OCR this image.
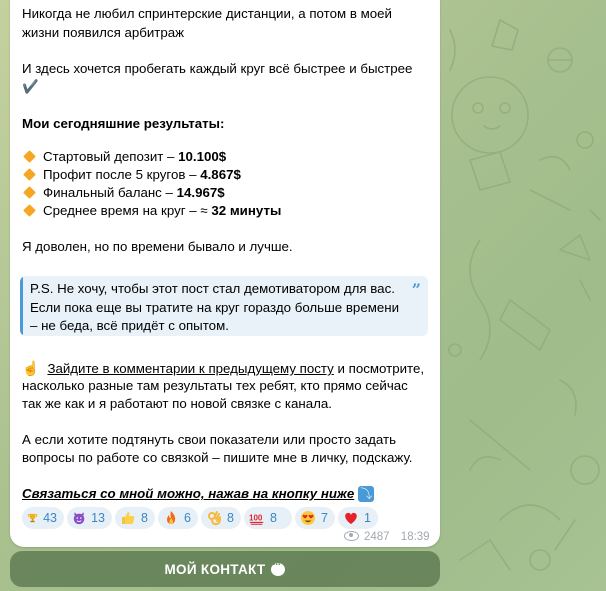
Никогда не любил спринтерские дистанции, а потом в моей
жизни появился арбитраж
И здесь хочется пробегать каждый круг всё быстрее и быстрее
✔️
Мои сегодняшние результаты:
Стартовый депозит – 10.100$
Профит после 5 кругов – 4.867$
Финальный баланс – 14.967$
Среднее время на круг – ≈ 32 минуты
Я доволен, но по времени бывало и лучше.
☝ Зайдите в комментарии к предыдущему посту и посмотрите,
насколько разные там результаты тех ребят, кто прямо сейчас
так же как и я работают по новой связке с канала.
А если хотите подтянуть свои показатели или просто задать
вопросы по работе со связкой – пишите мне в личку, подскажу.
Связаться со мной можно, нажав на кнопку ниже ⤵
P.S. Не хочу, чтобы этот пост стал демотиватором для вас.
Если пока еще вы тратите на круг гораздо больше времени
– не беда, всё придёт с опытом.
”
43	13	8	6	8 100 8	7	1
2487 18:39
МОЙ КОНТАКТ
···
